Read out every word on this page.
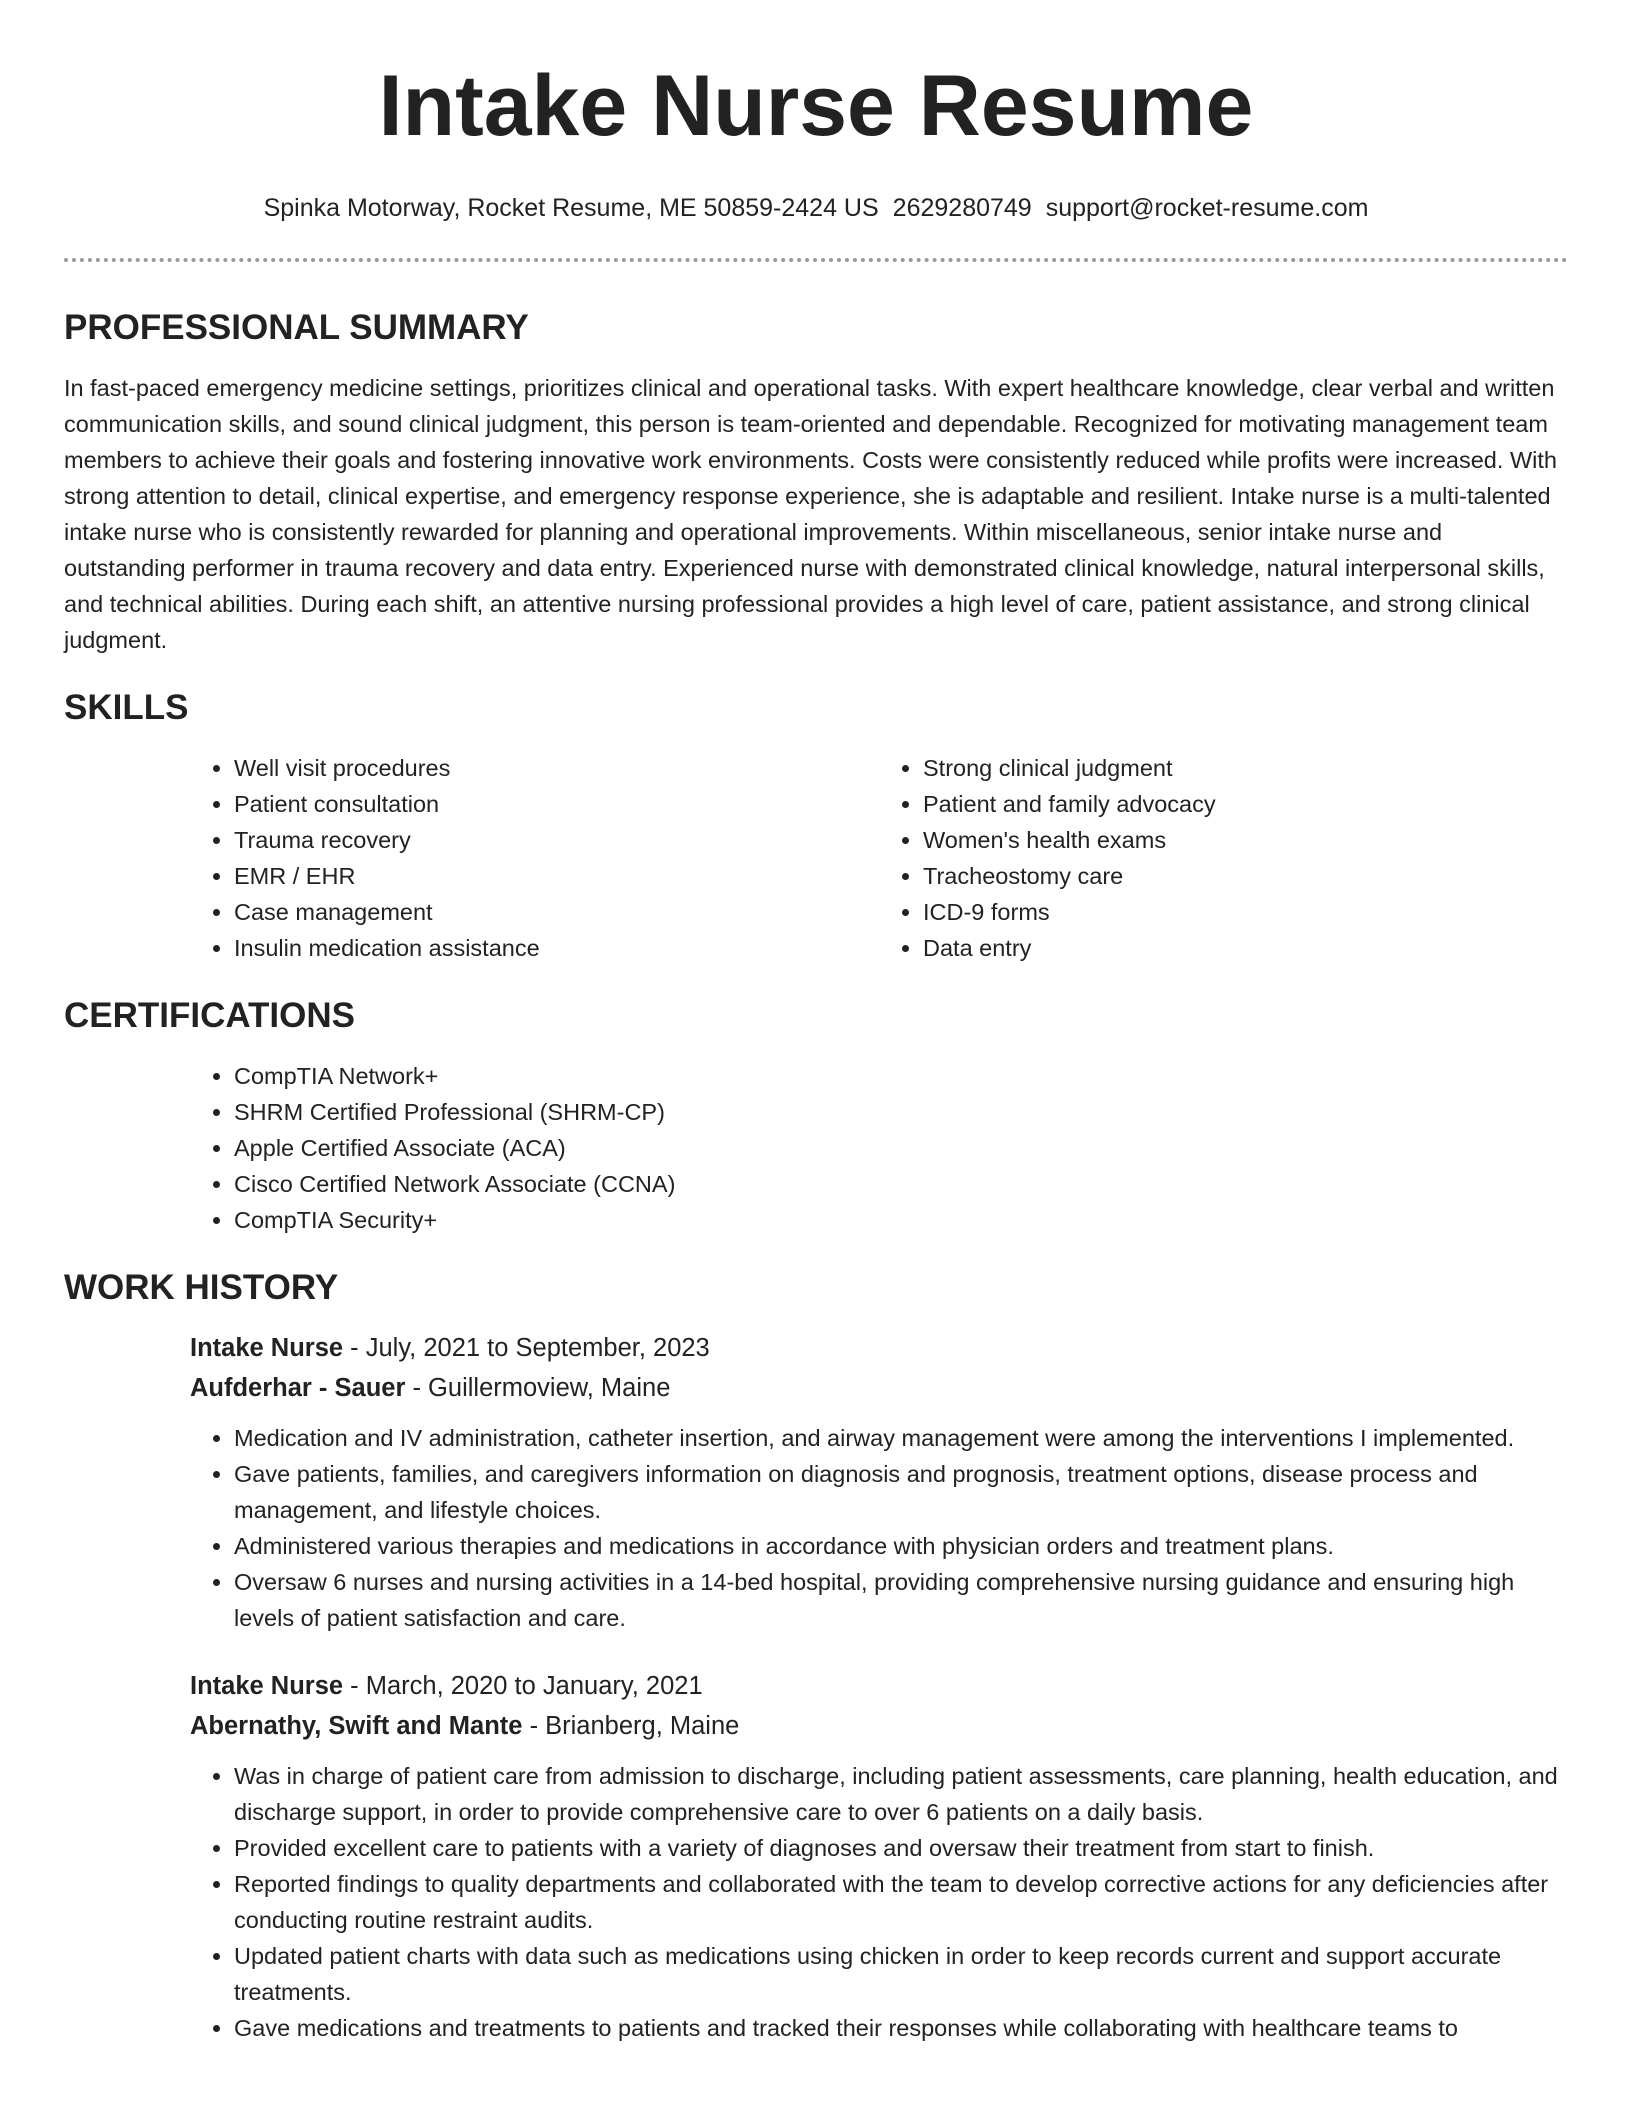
Intake Nurse Resume
Spinka Motorway, Rocket Resume, ME 50859-2424 US 2629280749 support@rocket-resume.com
PROFESSIONAL SUMMARY

In fast-paced emergency medicine settings, prioritizes clinical and operational tasks. With expert healthcare knowledge, clear verbal and written communication skills, and sound clinical judgment, this person is team-oriented and dependable. Recognized for motivating management team members to achieve their goals and fostering innovative work environments. Costs were consistently reduced while profits were increased. With strong attention to detail, clinical expertise, and emergency response experience, she is adaptable and resilient. Intake nurse is a multi-talented intake nurse who is consistently rewarded for planning and operational improvements. Within miscellaneous, senior intake nurse and outstanding performer in trauma recovery and data entry. Experienced nurse with demonstrated clinical knowledge, natural interpersonal skills, and technical abilities. During each shift, an attentive nursing professional provides a high level of care, patient assistance, and strong clinical judgment.

SKILLS
• Well visit procedures
• Patient consultation
• Trauma recovery
• EMR / EHR
• Case management
• Insulin medication assistance
• Strong clinical judgment
• Patient and family advocacy
• Women's health exams
• Tracheostomy care
• ICD-9 forms
• Data entry
CERTIFICATIONS
• CompTIA Network+
• SHRM Certified Professional (SHRM-CP)
• Apple Certified Associate (ACA)
• Cisco Certified Network Associate (CCNA)
• CompTIA Security+
WORK HISTORY
Intake Nurse - July, 2021 to September, 2023
Aufderhar - Sauer - Guillermoview, Maine
• Medication and IV administration, catheter insertion, and airway management were among the interventions I implemented.
• Gave patients, families, and caregivers information on diagnosis and prognosis, treatment options, disease process and management, and lifestyle choices.
• Administered various therapies and medications in accordance with physician orders and treatment plans.
• Oversaw 6 nurses and nursing activities in a 14-bed hospital, providing comprehensive nursing guidance and ensuring high levels of patient satisfaction and care.
Intake Nurse - March, 2020 to January, 2021
Abernathy, Swift and Mante - Brianberg, Maine
• Was in charge of patient care from admission to discharge, including patient assessments, care planning, health education, and discharge support, in order to provide comprehensive care to over 6 patients on a daily basis.
• Provided excellent care to patients with a variety of diagnoses and oversaw their treatment from start to finish.
• Reported findings to quality departments and collaborated with the team to develop corrective actions for any deficiencies after conducting routine restraint audits.
• Updated patient charts with data such as medications using chicken in order to keep records current and support accurate treatments.
• Gave medications and treatments to patients and tracked their responses while collaborating with healthcare teams to
